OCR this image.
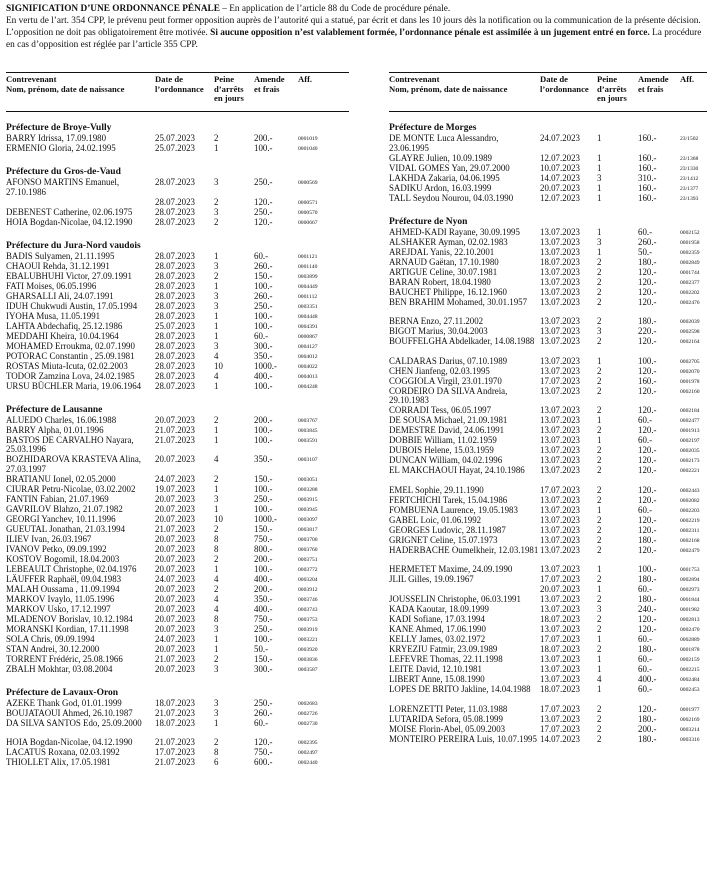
SIGNIFICATION D’UNE ORDONNANCE PÉNALE – En application de l’article 88 du Code de procédure pénale.
En vertu de l’art. 354 CPP, le prévenu peut former opposition auprès de l’autorité qui a statué, par écrit et dans les 10 jours dès la notification ou la communication de la présente décision. L’opposition ne doit pas obligatoirement être motivée. Si aucune opposition n’est valablement formée, l’ordonnance pénale est assimilée à un jugement entré en force. La procédure en cas d’opposition est réglée par l’article 355 CPP.
Contrevenant
Nom, prénom, date de naissance
Date de
l’ordonnance
Peine
d’arrêts
en jours
Amende
et frais
Aff.
Préfecture de Broye-Vully
BARRY Idrissa, 17.09.1980	25.07.2023 2	200.-	0001019
ERMENIO Gloria, 24.02.1995	25.07.2023 1	100.-	0001040
Préfecture du Gros-de-Vaud
AFONSO MARTINS Emanuel, 27.10.1986
28.07.2023 3	250.-	0000569
28.07.2023 2	120.-	0000571
DEBENEST Catherine, 02.06.1975	28.07.2023 3	250.-	0000570
HOIA Bogdan-Nicolae, 04.12.1990	28.07.2023 2	120.-	0000667
Préfecture du Jura-Nord vaudois
BADIS Sulyamen, 21.11.1995	28.07.2023 1	60.-	0001121
CHAOUI Rehda, 31.12.1991	28.07.2023 3	260.-	0001140
EBALUBHUHI Victor, 27.09.1991	28.07.2023 2	150.-	0003899
FATI Moises, 06.05.1996	28.07.2023 1	100.-	0004449
GHARSALLI Ali, 24.07.1991	28.07.2023 3	260.-	0001112
IDUH Chukwudi Austin, 17.05.1994	28.07.2023 3	250.-	0003351
IYOHA Musa, 11.05.1991	28.07.2023 1	100.-	0004448
LAHTA Abdechafiq, 25.12.1986	25.07.2023 1	100.-	0004391
MEDDAHI Kheira, 10.04.1964	28.07.2023 1	60.-	0000867
MOHAMED Erroukma, 02.07.1990	28.07.2023 3	300.-	0004127
POTORAC Constantin , 25.09.1981	28.07.2023 4	350.-	0004012
ROSTAS Miuta-Icuta, 02.02.2003	28.07.2023 10	1000.-	0004022
TODOR Zamzina Lova, 24.02.1985	28.07.2023 4	400.-	0004013
URSU BÜCHLER Maria, 19.06.1964	28.07.2023 1	100.-	0004248
Préfecture de Lausanne
ALUEDO Charles, 16.06.1988	20.07.2023 2	200.-	0003767
BARRY Alpha, 01.01.1996	21.07.2023 1	100.-	0003845
BASTOS DE CARVALHO Nayara, 25.03.1996
21.07.2023 1	100.-	0003591
BOZHIDAROVA KRASTEVA Alina, 27.03.1997
20.07.2023 4	350.-	0003107
BRATIANU Ionel, 02.05.2000	24.07.2023 2	150.-	0003051
CIURAR Petru-Nicolae, 03.02.2002	19.07.2023 1	100.-	0003288
FANTIN Fabian, 21.07.1969	20.07.2023 3	250.-	0003915
GAVRILOV Blahzo, 21.07.1982	20.07.2023 1	100.-	0003945
GEORGI Yanchev, 10.11.1996	20.07.2023 10	1000.-	0003097
GUEUTAL Jonathan, 21.03.1994	21.07.2023 2	150.-	0003817
ILIEV Ivan, 26.03.1967	20.07.2023 8	750.-	0003700
IVANOV Petko, 09.09.1992	20.07.2023 8	800.-	0003760
KOSTOV Bogomil, 18.04.2003	20.07.2023 2	200.-	0003751
LEBEAULT Christophe, 02.04.1976	20.07.2023 1	100.-	0003772
LÄUFFER Raphaël, 09.04.1983	24.07.2023 4	400.-	0003204
MALAH Oussama , 11.09.1994	20.07.2023 2	200.-	0003912
MARKOV Ivaylo, 11.05.1996	20.07.2023 4	350.-	0003746
MARKOV Usko, 17.12.1997	20.07.2023 4	400.-	0003743
MLADENOV Borislav, 10.12.1984	20.07.2023 8	750.-	0003753
MORANSKI Kordian, 17.11.1998	20.07.2023 3	250.-	0003919
SOLA Chris, 09.09.1994	24.07.2023 1	100.-	0003221
STAN Andrei, 30.12.2000	20.07.2023 1	50.-	0003920
TORRENT Frédéric, 25.08.1966	21.07.2023 2	150.-	0003836
ZBALH Mokhtar, 03.08.2004	20.07.2023 3	300.-	0003587
Préfecture de Lavaux-Oron
AZEKE Thank God, 01.01.1999	18.07.2023 3	250.-	0002683
BOUJATAOUI Ahmed, 26.10.1987	21.07.2023 3	260.-	0002726
DA SILVA SANTOS Edo, 25.09.2000	18.07.2023 1	60.-	0002730
HOIA Bogdan-Nicolae, 04.12.1990	21.07.2023 2	120.-	0002395
LACATUS Roxana, 02.03.1992	17.07.2023 8	750.-	0002497
THIOLLET Alix, 17.05.1981	21.07.2023 6	600.-	0002440
Contrevenant
Nom, prénom, date de naissance
Date de
l’ordonnance
Peine
d’arrêts
en jours
Amende
et frais
Aff.
Préfecture de Morges
DE MONTE Luca Alessandro, 23.06.1995
24.07.2023 1	160.-	23/1502
GLAYRE Julien, 10.09.1989	12.07.2023 1	160.-	23/1368
VIDAL GOMES Yan, 29.07.2000	10.07.2023 1	160.-	23/1330
LAKHDA Zakaria, 04.06.1995	14.07.2023 3	310.-	23/1412
SADIKU Ardon, 16.03.1999	20.07.2023 1	160.-	23/1377
TALL Seydou Nourou, 04.03.1990	12.07.2023 1	160.-	23/1393
Préfecture de Nyon
AHMED-KADI Rayane, 30.09.1995	13.07.2023 1	60.-	0002152
ALSHAKER Ayman, 02.02.1983	13.07.2023 3	260.-	0001958
AREJDAL Yanis, 22.10.2001	13.07.2023 1	50.-	0002359
ARNAUD Gaëtan, 17.10.1980	18.07.2023 2	180.-	0002849
ARTIGUE Celine, 30.07.1981	13.07.2023 2	120.-	0001744
BARAN Robert, 18.04.1980	13.07.2023 2	120.-	0002377
BAUCHET Philippe, 16.12.1960	13.07.2023 2	120.-	0002202
BEN BRAHIM Mohamed, 30.01.1957	13.07.2023 2	120.-	0002476
BERNA Enzo, 27.11.2002	13.07.2023 2	180.-	0002039
BIGOT Marius, 30.04.2003	13.07.2023 3	220.-	0002598
BOUFFELGHA Abdelkader, 14.08.1988 13.07.2023 2	120.-	0002164
CALDARAS Darius, 07.10.1989	13.07.2023 1	100.-	0002705
CHEN Jianfeng, 02.03.1995	13.07.2023 2	120.-	0002070
COGGIOLA Virgil, 23.01.1970	17.07.2023 2	160.-	0001978
CORDEIRO DA SILVA Andreia, 29.10.1983
13.07.2023 2	120.-	0002160
CORRADI Tess, 06.05.1997	13.07.2023 2	120.-	0002184
DE SOUSA Michael, 21.09.1981	13.07.2023 1	60.-	0002477
DEMESTRE David, 24.06.1991	13.07.2023 2	120.-	0001913
DOBBIE William, 11.02.1959	13.07.2023 1	60.-	0002197
DUBOIS Helene, 15.03.1959	13.07.2023 2	120.-	0002035
DUNCAN William, 04.02.1996	13.07.2023 2	120.-	0002173
EL MAKCHAOUI Hayat, 24.10.1986	13.07.2023 2	120.-	0002221
EMEL Sophie, 29.11.1990	17.07.2023 2	120.-	0002443
FERTCHICHI Tarek, 15.04.1986	13.07.2023 2	120.-	0002082
FOMBUENA Laurence, 19.05.1983	13.07.2023 1	60.-	0002203
GABEL Loic, 01.06.1992	13.07.2023 2	120.-	0002219
GEORGES Ludovic, 28.11.1987	13.07.2023 2	120.-	0002311
GRIGNET Celine, 15.07.1973	13.07.2023 2	180.-	0002168
HADERBACHE Oumelkheir, 12.03.1981 13.07.2023 2	120.-	0002479
HERMETET Maxime, 24.09.1990	13.07.2023 1	100.-	0001753
JLIL Gilles, 19.09.1967	17.07.2023 2	180.-	0002894
20.07.2023 1	60.-	0002973
JOUSSELIN Christophe, 06.03.1991	13.07.2023 2	180.-	0001844
KADA Kaoutar, 18.09.1999	13.07.2023 3	240.-	0001982
KADI Sofiane, 17.03.1994	18.07.2023 2	120.-	0002813
KANE Ahmed, 17.06.1990	13.07.2023 2	120.-	0002470
KELLY James, 03.02.1972	17.07.2023 1	60.-	0002889
KRYEZIU Fatmir, 23.09.1989	18.07.2023 2	180.-	0001878
LEFEVRE Thomas, 22.11.1998	13.07.2023 1	60.-	0002159
LEITE David, 12.10.1981	13.07.2023 1	60.-	0002215
LIBERT Anne, 15.08.1990	13.07.2023 4	400.-	0002484
LOPES DE BRITO Jakline, 14.04.1988	18.07.2023 1	60.-	0002453
LORENZETTI Peter, 11.03.1988	17.07.2023 2	120.-	0001977
LUTARIDA Sefora, 05.08.1999	13.07.2023 2	180.-	0002169
MOISE Florin-Abel, 05.09.2003	17.07.2023 2	200.-	0003214
MONTEIRO PEREIRA Luis, 10.07.1995 14.07.2023 2	180.-	0003316
